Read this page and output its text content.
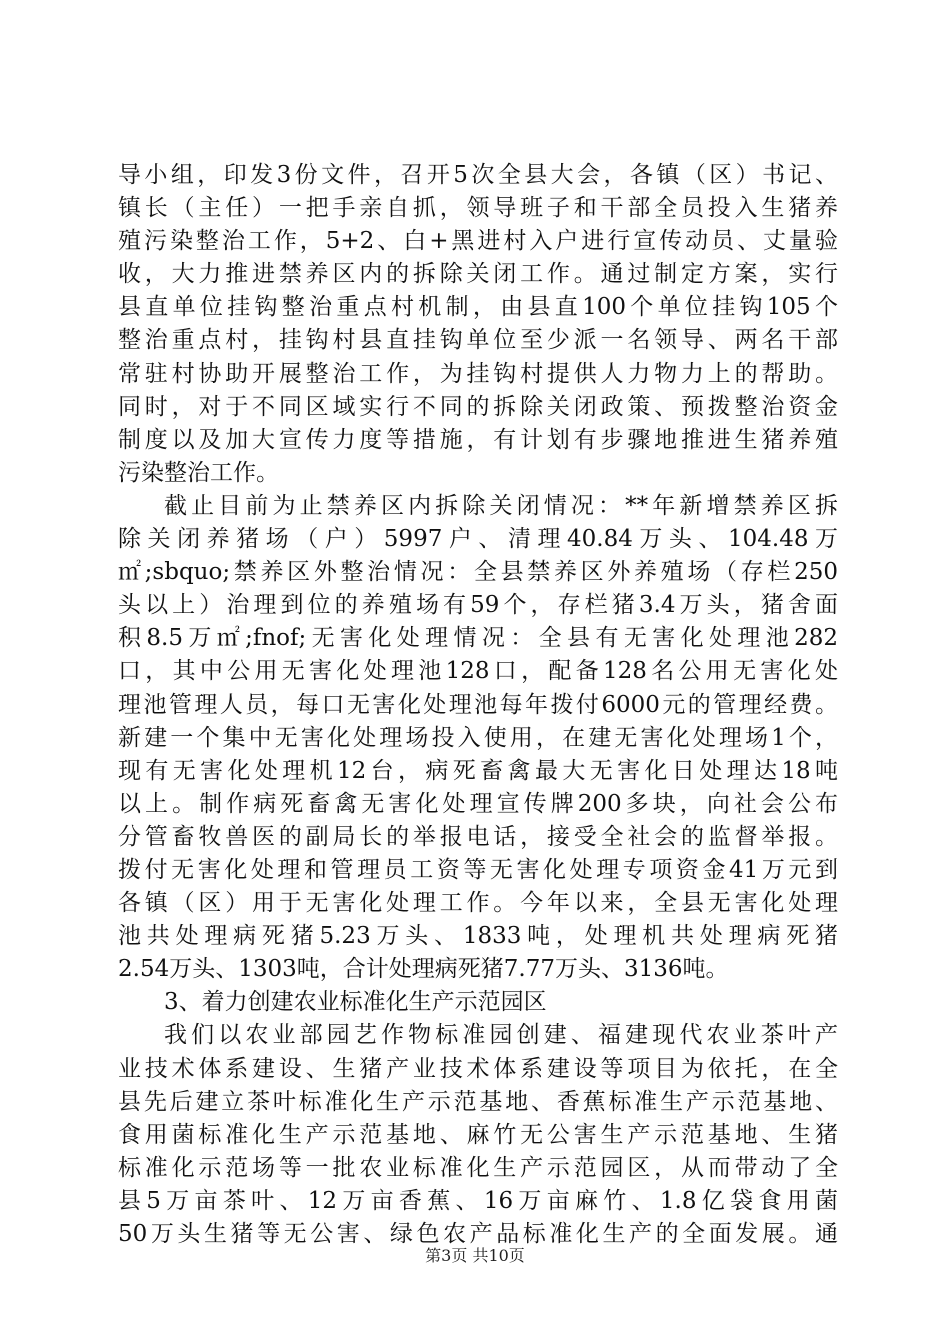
导小组，印发3份文件，召开5次全县大会，各镇（区）书记、
镇长（主任）一把手亲自抓，领导班子和干部全员投入生猪养
殖污染整治工作，5+2、白+黑进村入户进行宣传动员、丈量验
收，大力推进禁养区内的拆除关闭工作。通过制定方案，实行
县直单位挂钩整治重点村机制，由县直100个单位挂钩105个
整治重点村，挂钩村县直挂钩单位至少派一名领导、两名干部
常驻村协助开展整治工作，为挂钩村提供人力物力上的帮助。
同时，对于不同区域实行不同的拆除关闭政策、预拨整治资金
制度以及加大宣传力度等措施，有计划有步骤地推进生猪养殖
污染整治工作。
截止目前为止禁养区内拆除关闭情况：**年新增禁养区拆
除关闭养猪场（户）5997户、清理40.84万头、104.48万
㎡;sbquo;禁养区外整治情况：全县禁养区外养殖场（存栏250
头以上）治理到位的养殖场有59个，存栏猪3.4万头，猪舍面
积8.5万㎡;fnof;无害化处理情况：全县有无害化处理池282
口，其中公用无害化处理池128口，配备128名公用无害化处
理池管理人员，每口无害化处理池每年拨付6000元的管理经费。
新建一个集中无害化处理场投入使用，在建无害化处理场1个，
现有无害化处理机12台，病死畜禽最大无害化日处理达18吨
以上。制作病死畜禽无害化处理宣传牌200多块，向社会公布
分管畜牧兽医的副局长的举报电话，接受全社会的监督举报。
拨付无害化处理和管理员工资等无害化处理专项资金41万元到
各镇（区）用于无害化处理工作。今年以来，全县无害化处理
池共处理病死猪5.23万头、1833吨，处理机共处理病死猪
2.54万头、1303吨，合计处理病死猪7.77万头、3136吨。
3、着力创建农业标准化生产示范园区
我们以农业部园艺作物标准园创建、福建现代农业茶叶产
业技术体系建设、生猪产业技术体系建设等项目为依托，在全
县先后建立茶叶标准化生产示范基地、香蕉标准生产示范基地、
食用菌标准化生产示范基地、麻竹无公害生产示范基地、生猪
标准化示范场等一批农业标准化生产示范园区，从而带动了全
县5万亩茶叶、12万亩香蕉、16万亩麻竹、1.8亿袋食用菌
50万头生猪等无公害、绿色农产品标准化生产的全面发展。通
第3页 共10页
